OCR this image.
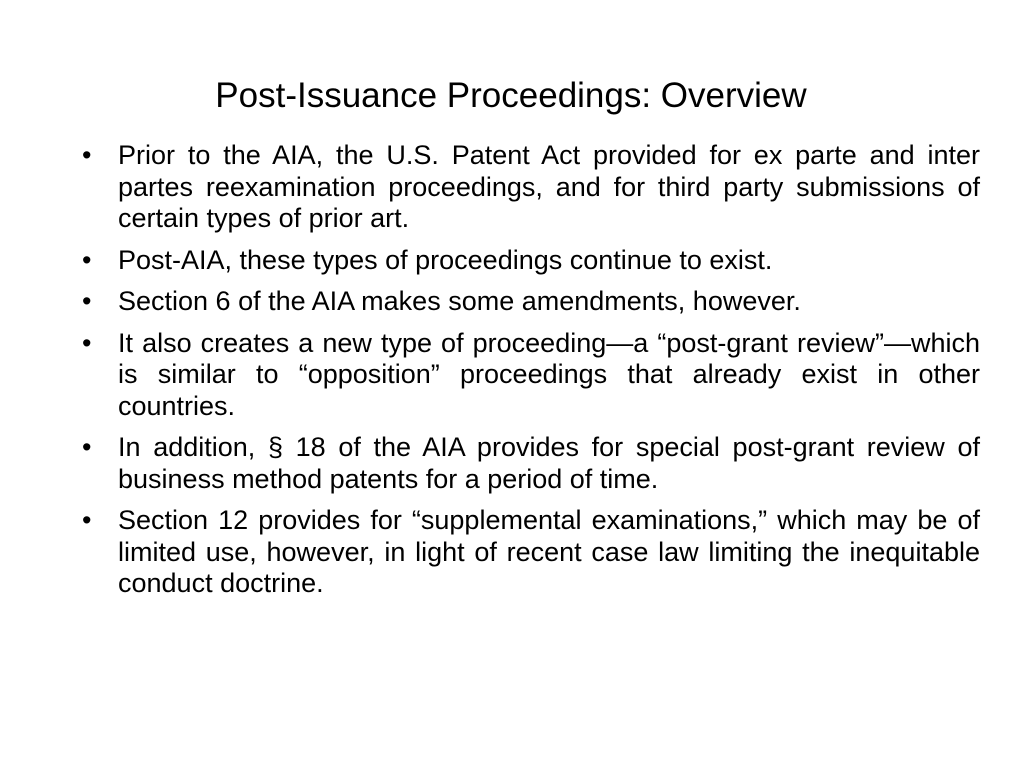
Post-Issuance Proceedings: Overview
• Prior to the AIA, the U.S. Patent Act provided for ex parte and inter partes reexamination proceedings, and for third party submissions of certain types of prior art.
• Post-AIA, these types of proceedings continue to exist.
• Section 6 of the AIA makes some amendments, however.
• It also creates a new type of proceeding—a “post-grant review”—which is similar to “opposition” proceedings that already exist in other countries.
• In addition, § 18 of the AIA provides for special post-grant review of business method patents for a period of time.
• Section 12 provides for “supplemental examinations,” which may be of limited use, however, in light of recent case law limiting the inequitable conduct doctrine.
